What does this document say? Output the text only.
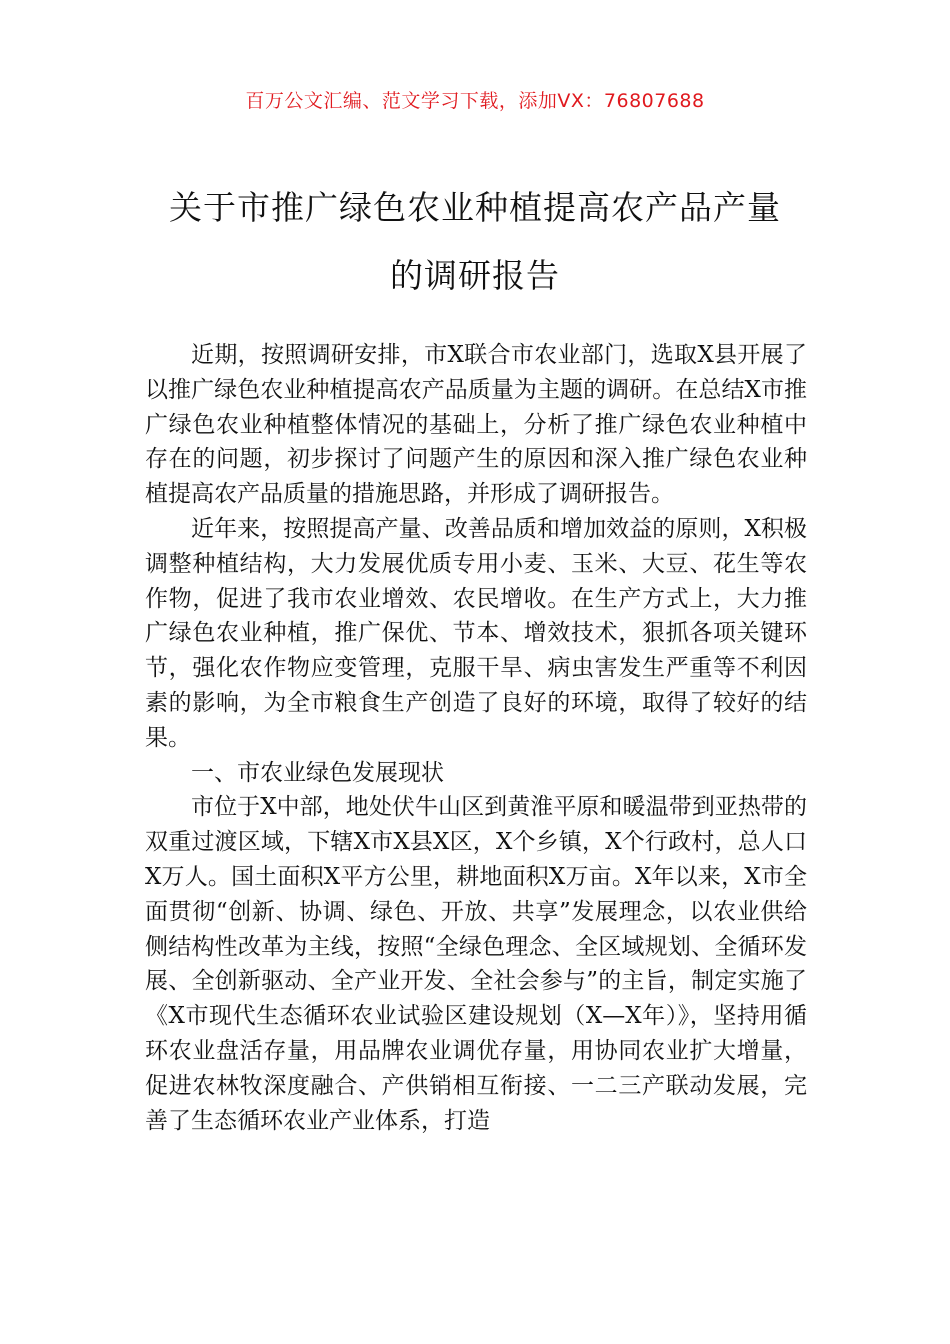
百万公文汇编、范文学习下载，添加VX：76807688
关于市推广绿色农业种植提高农产品产量
的调研报告

近期，按照调研安排，市X联合市农业部门，选取X县开展了以推广绿色农业种植提高农产品质量为主题的调研。在总结X市推广绿色农业种植整体情况的基础上，分析了推广绿色农业种植中存在的问题，初步探讨了问题产生的原因和深入推广绿色农业种植提高农产品质量的措施思路，并形成了调研报告。

近年来，按照提高产量、改善品质和增加效益的原则，X积极调整种植结构，大力发展优质专用小麦、玉米、大豆、花生等农作物，促进了我市农业增效、农民增收。在生产方式上，大力推广绿色农业种植，推广保优、节本、增效技术，狠抓各项关键环节，强化农作物应变管理，克服干旱、病虫害发生严重等不利因素的影响，为全市粮食生产创造了良好的环境，取得了较好的结果。

一、市农业绿色发展现状

市位于X中部，地处伏牛山区到黄淮平原和暖温带到亚热带的双重过渡区域，下辖X市X县X区，X个乡镇，X个行政村，总人口X万人。国土面积X平方公里，耕地面积X万亩。X年以来，X市全面贯彻“创新、协调、绿色、开放、共享”发展理念，以农业供给侧结构性改革为主线，按照“全绿色理念、全区域规划、全循环发展、全创新驱动、全产业开发、全社会参与”的主旨，制定实施了《X市现代生态循环农业试验区建设规划（X—X年）》，坚持用循环农业盘活存量，用品牌农业调优存量，用协同农业扩大增量，促进农林牧深度融合、产供销相互衔接、一二三产联动发展，完善了生态循环农业产业体系，打造
